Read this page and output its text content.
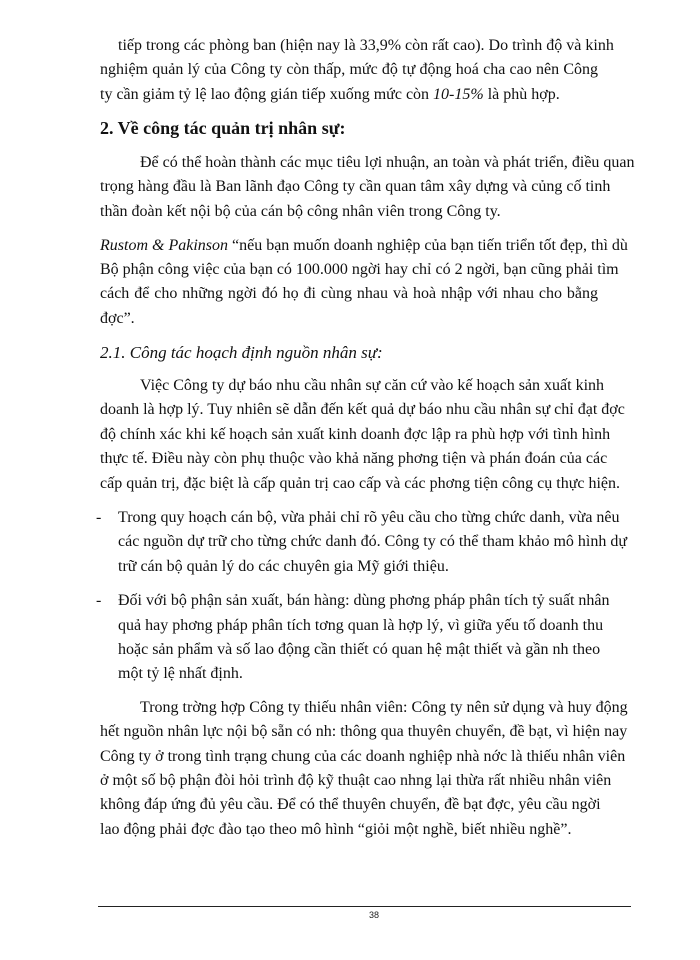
tiếp trong các phòng ban (hiện nay là 33,9% còn rất cao). Do trình độ và kinh
nghiệm quản lý của Công ty còn thấp, mức độ tự động hoá cha cao nên Công
ty cần giảm tỷ lệ lao động gián tiếp xuống mức còn 10-15% là phù hợp.
2. Về công tác quản trị nhân sự:
Để có thể hoàn thành các mục tiêu lợi nhuận, an toàn và phát triển, điều quan
trọng hàng đầu là Ban lãnh đạo Công ty cần quan tâm xây dựng và củng cố tinh
thần đoàn kết nội bộ của cán bộ công nhân viên trong Công ty.
Rustom & Pakinson “nếu bạn muốn doanh nghiệp của bạn tiến triển tốt đẹp, thì dù
Bộ phận công việc của bạn có 100.000 ngời hay chỉ có 2 ngời, bạn cũng phải tìm
cách để cho những ngời đó họ đi cùng nhau và hoà nhập với nhau cho bằng
đợc”.
2.1. Công tác hoạch định nguồn nhân sự:
Việc Công ty dự báo nhu cầu nhân sự căn cứ vào kế hoạch sản xuất kinh
doanh là hợp lý. Tuy nhiên sẽ dẫn đến kết quả dự báo nhu cầu nhân sự chỉ đạt đợc
độ chính xác khi kế hoạch sản xuất kinh doanh đợc lập ra phù hợp với tình hình
thực tế. Điều này còn phụ thuộc vào khả năng phơng tiện và phán đoán của các
cấp quản trị, đặc biệt là cấp quản trị cao cấp và các phơng tiện công cụ thực hiện.
- Trong quy hoạch cán bộ, vừa phải chỉ rõ yêu cầu cho từng chức danh, vừa nêu
các nguồn dự trữ cho từng chức danh đó. Công ty có thể tham khảo mô hình dự
trữ cán bộ quản lý do các chuyên gia Mỹ giới thiệu.
- Đối với bộ phận sản xuất, bán hàng: dùng phơng pháp phân tích tỷ suất nhân
quả hay phơng pháp phân tích tơng quan là hợp lý, vì giữa yếu tố doanh thu
hoặc sản phẩm và số lao động cần thiết có quan hệ mật thiết và gần nh theo
một tỷ lệ nhất định.
Trong trờng hợp Công ty thiếu nhân viên: Công ty nên sử dụng và huy động
hết nguồn nhân lực nội bộ sẵn có nh: thông qua thuyên chuyển, đề bạt, vì hiện nay
Công ty ở trong tình trạng chung của các doanh nghiệp nhà nớc là thiếu nhân viên
ở một số bộ phận đòi hỏi trình độ kỹ thuật cao nhng lại thừa rất nhiều nhân viên
không đáp ứng đủ yêu cầu. Để có thể thuyên chuyển, đề bạt đợc, yêu cầu ngời
lao động phải đợc đào tạo theo mô hình “giỏi một nghề, biết nhiều nghề”.
38
